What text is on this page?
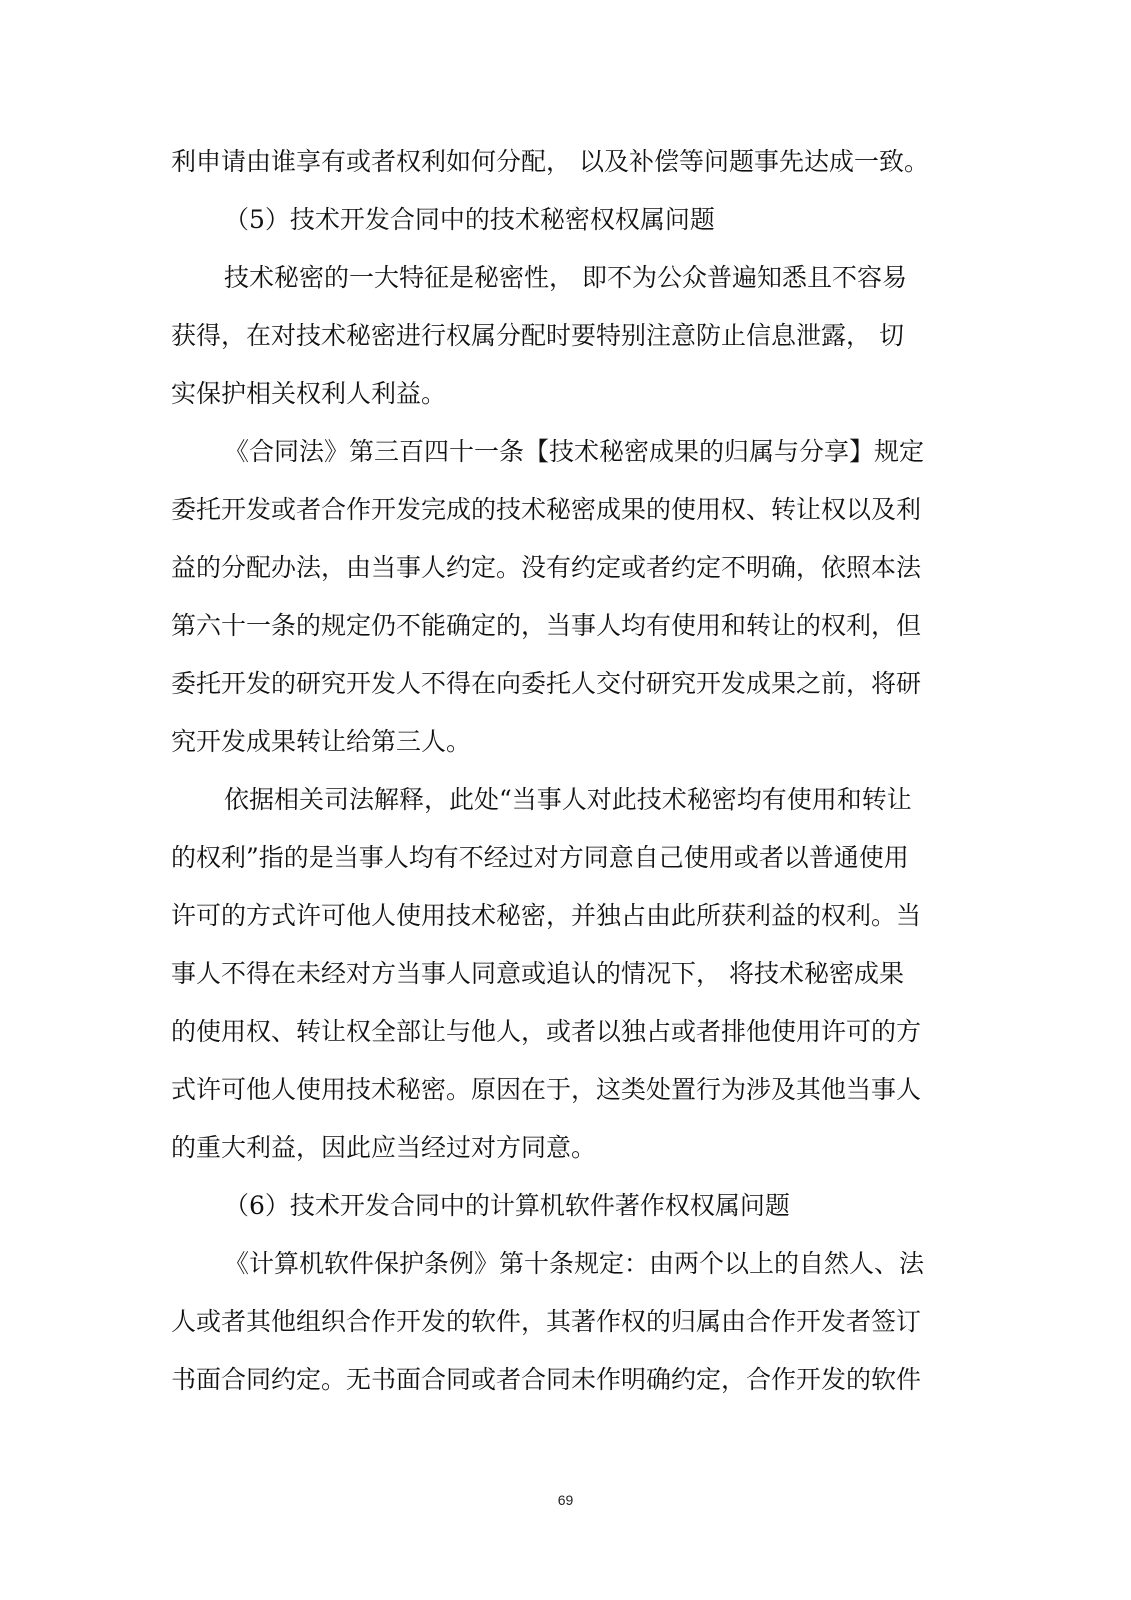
利申请由谁享有或者权利如何分配， 以及补偿等问题事先达成一致。

（5）技术开发合同中的技术秘密权权属问题

技术秘密的一大特征是秘密性， 即不为公众普遍知悉且不容易

获得，在对技术秘密进行权属分配时要特别注意防止信息泄露， 切

实保护相关权利人利益。

《合同法》第三百四十一条【技术秘密成果的归属与分享】规定

委托开发或者合作开发完成的技术秘密成果的使用权、转让权以及利

益的分配办法，由当事人约定。没有约定或者约定不明确，依照本法

第六十一条的规定仍不能确定的，当事人均有使用和转让的权利，但

委托开发的研究开发人不得在向委托人交付研究开发成果之前，将研

究开发成果转让给第三人。

依据相关司法解释，此处“当事人对此技术秘密均有使用和转让

的权利”指的是当事人均有不经过对方同意自己使用或者以普通使用

许可的方式许可他人使用技术秘密，并独占由此所获利益的权利。当

事人不得在未经对方当事人同意或追认的情况下， 将技术秘密成果

的使用权、转让权全部让与他人，或者以独占或者排他使用许可的方

式许可他人使用技术秘密。原因在于，这类处置行为涉及其他当事人

的重大利益，因此应当经过对方同意。

（6）技术开发合同中的计算机软件著作权权属问题

《计算机软件保护条例》第十条规定：由两个以上的自然人、法

人或者其他组织合作开发的软件，其著作权的归属由合作开发者签订

书面合同约定。无书面合同或者合同未作明确约定，合作开发的软件

69
